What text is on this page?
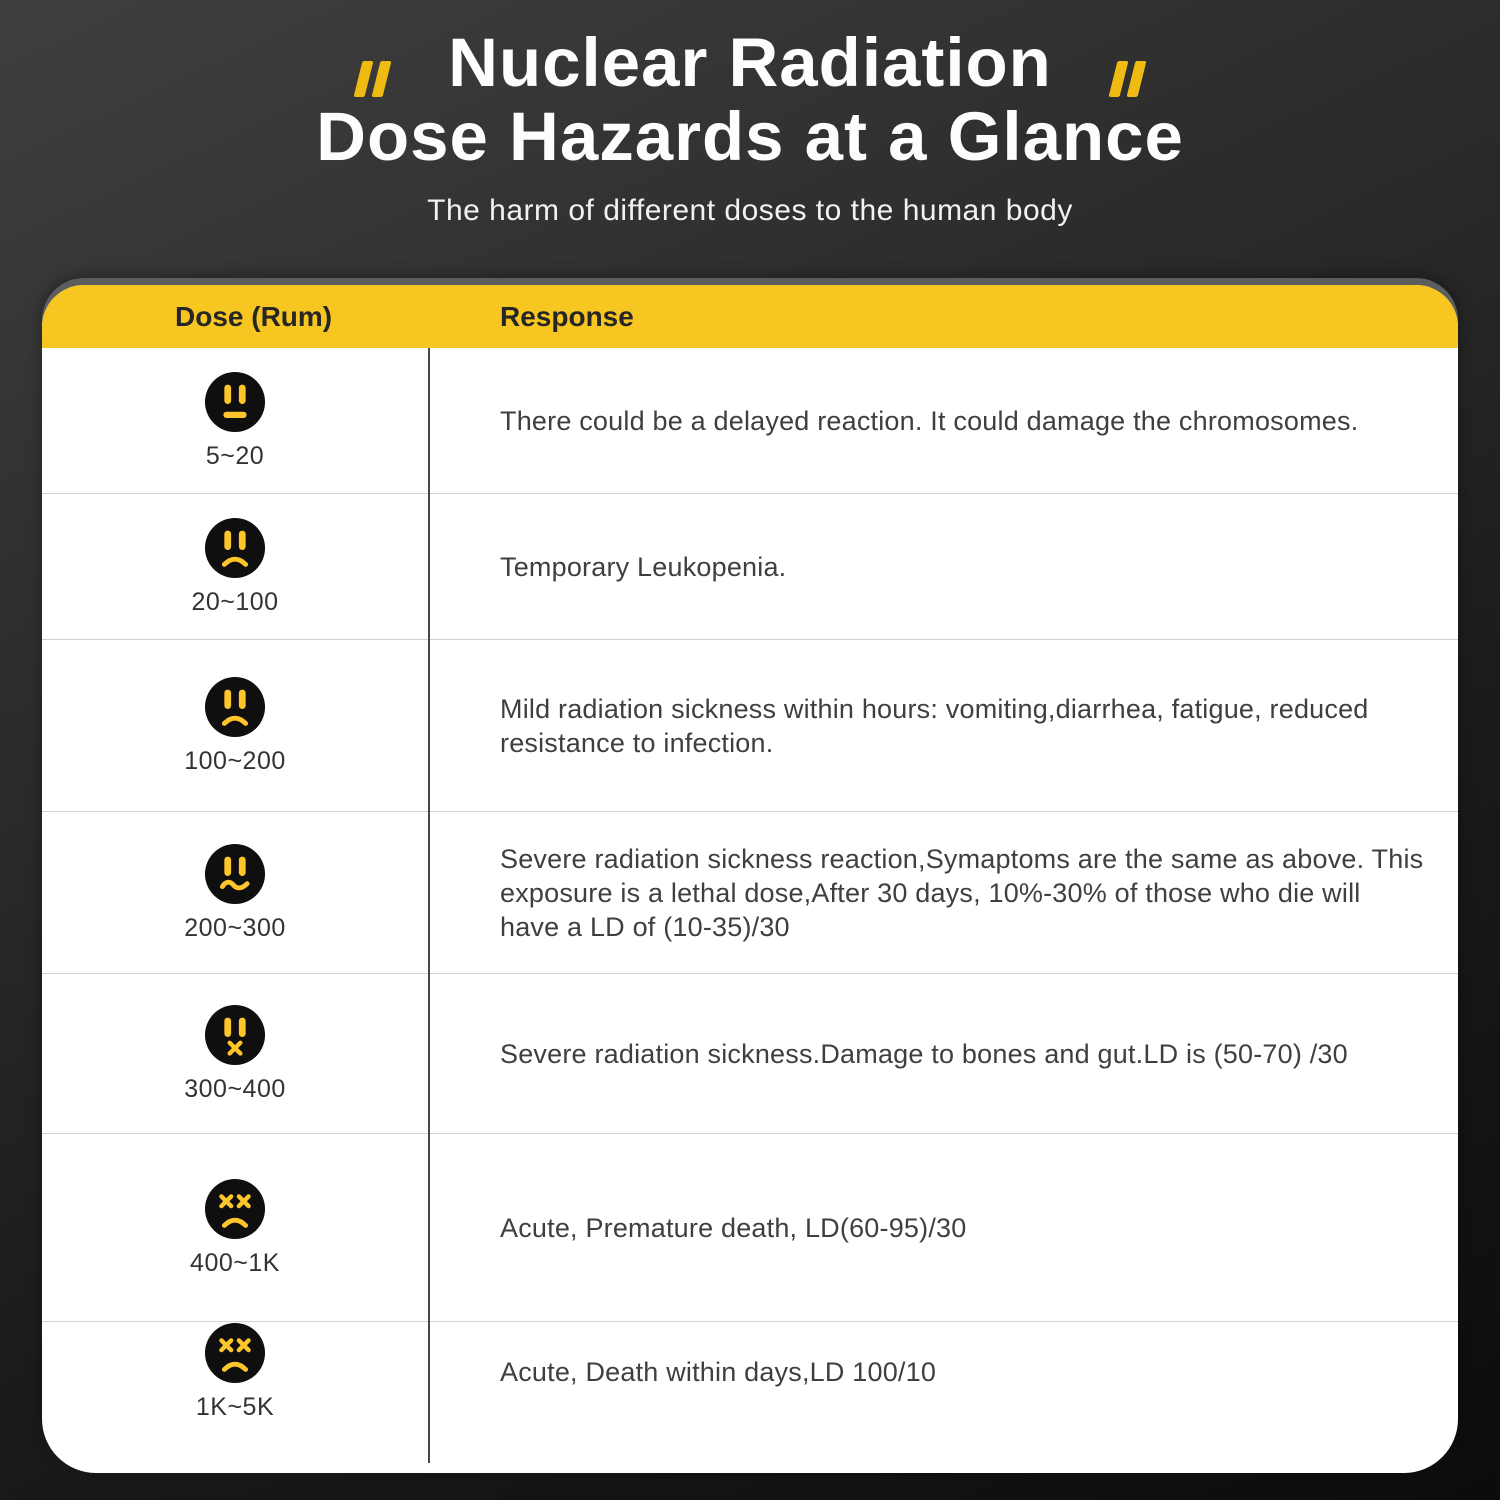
Nuclear Radiation
Dose Hazards at a Glance

The harm of different doses to the human body

Dose (Rum)	Response
5~20
There could be a delayed reaction. It could damage the chromosomes.
20~100
Temporary Leukopenia.
100~200
Mild radiation sickness within hours: vomiting,diarrhea, fatigue, reduced resistance to infection.
200~300
Severe radiation sickness reaction,Symaptoms are the same as above. This exposure is a lethal dose,After 30 days, 10%-30% of those who die will have a LD of (10-35)/30
300~400
Severe radiation sickness.Damage to bones and gut.LD is (50-70) /30
400~1K
Acute, Premature death, LD(60-95)/30
1K~5K
Acute, Death within days,LD 100/10
